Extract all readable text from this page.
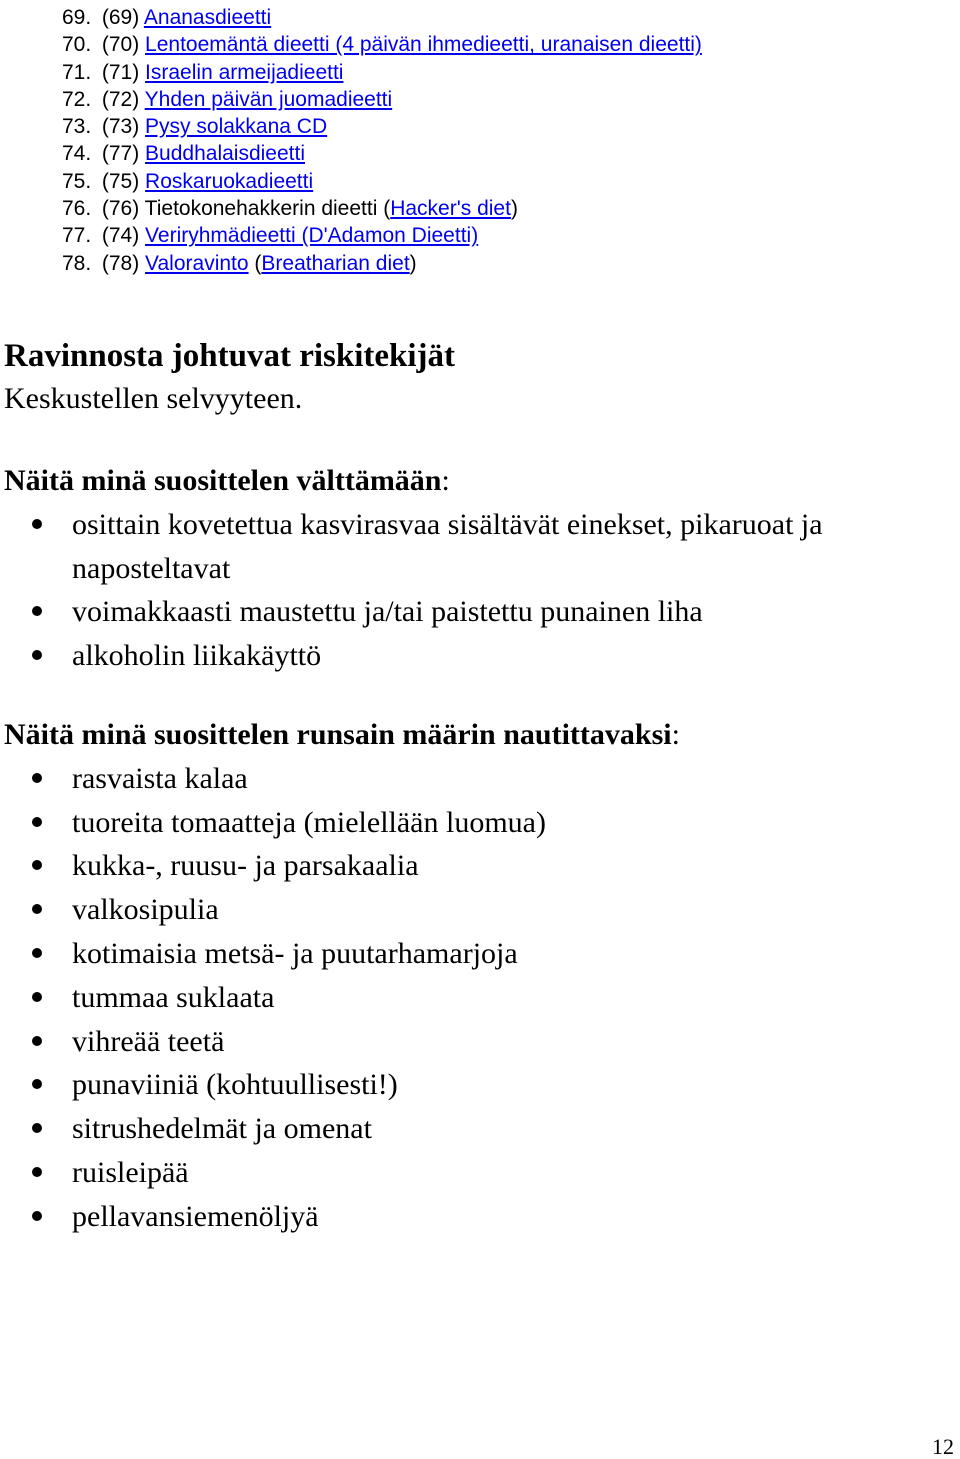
69. (69) Ananasdieetti
70. (70) Lentoemäntä dieetti (4 päivän ihmedieetti, uranaisen dieetti)
71. (71) Israelin armeijadieetti
72. (72) Yhden päivän juomadieetti
73. (73) Pysy solakkana CD
74. (77) Buddhalaisdieetti
75. (75) Roskaruokadieetti
76. (76) Tietokonehakkerin dieetti (Hacker's diet)
77. (74) Veriryhmädieetti (D'Adamon Dieetti)
78. (78) Valoravinto (Breatharian diet)
Ravinnosta johtuvat riskitekijät

Keskustellen selvyyteen.

Näitä minä suosittelen välttämään:
osittain kovetettua kasvirasvaa sisältävät einekset, pikaruoat ja naposteltavat
voimakkaasti maustettu ja/tai paistettu punainen liha
alkoholin liikakäyttö
Näitä minä suosittelen runsain määrin nautittavaksi:
rasvaista kalaa
tuoreita tomaatteja (mielellään luomua)
kukka-, ruusu- ja parsakaalia
valkosipulia
kotimaisia metsä- ja puutarhamarjoja
tummaa suklaata
vihreää teetä
punaviiniä (kohtuullisesti!)
sitrushedelmät ja omenat
ruisleipää
pellavansiemenöljyä
12
